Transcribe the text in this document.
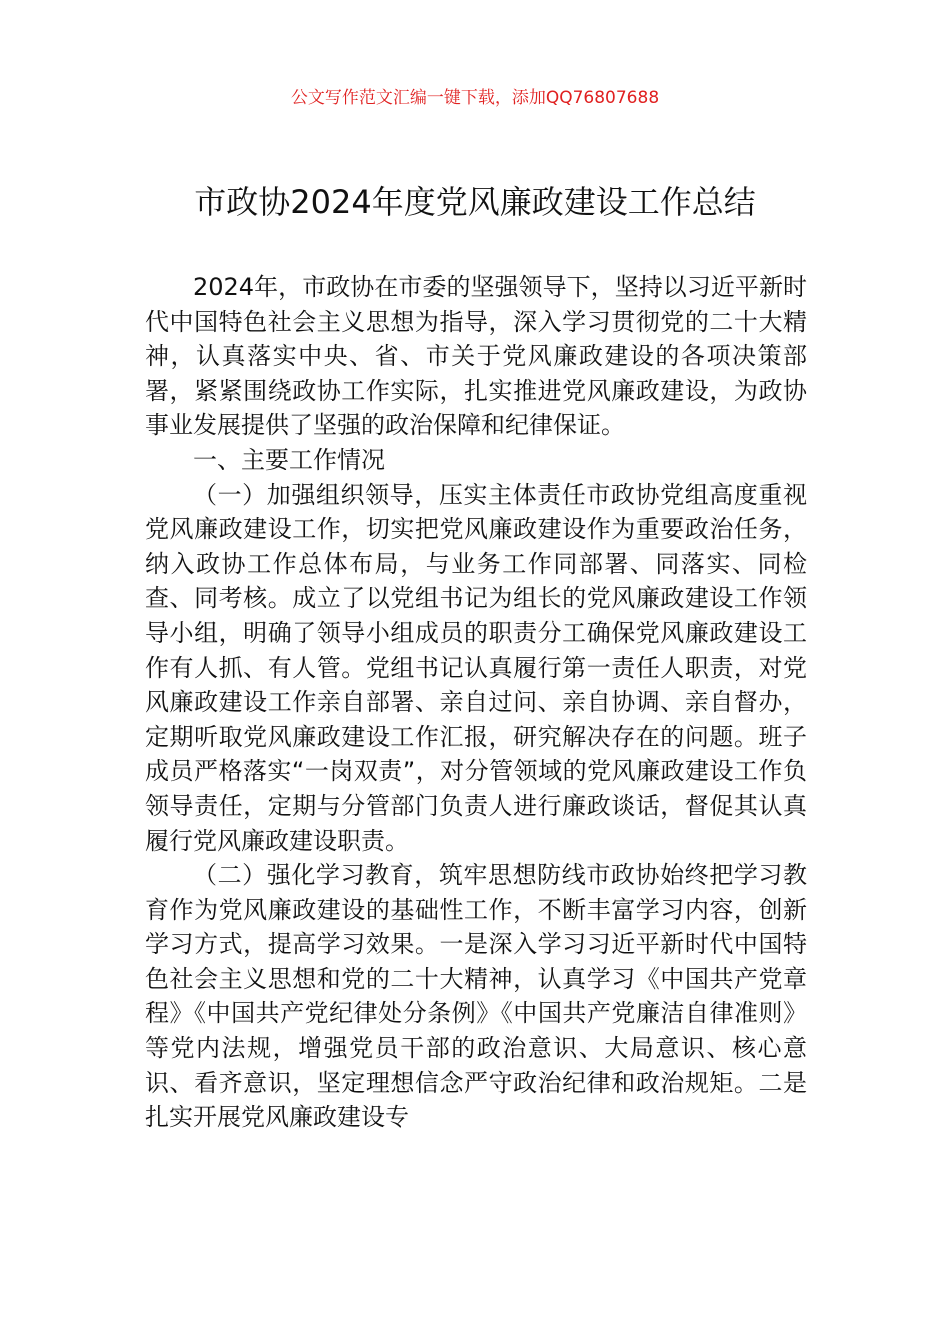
公文写作范文汇编一键下载，添加QQ76807688
市政协2024年度党风廉政建设工作总结

2024年，市政协在市委的坚强领导下，坚持以习近平新时代中国特色社会主义思想为指导，深入学习贯彻党的二十大精神，认真落实中央、省、市关于党风廉政建设的各项决策部署，紧紧围绕政协工作实际，扎实推进党风廉政建设，为政协事业发展提供了坚强的政治保障和纪律保证。

一、主要工作情况

（一）加强组织领导，压实主体责任市政协党组高度重视党风廉政建设工作，切实把党风廉政建设作为重要政治任务，纳入政协工作总体布局，与业务工作同部署、同落实、同检查、同考核。成立了以党组书记为组长的党风廉政建设工作领导小组，明确了领导小组成员的职责分工确保党风廉政建设工作有人抓、有人管。党组书记认真履行第一责任人职责，对党风廉政建设工作亲自部署、亲自过问、亲自协调、亲自督办，定期听取党风廉政建设工作汇报，研究解决存在的问题。班子成员严格落实“一岗双责”，对分管领域的党风廉政建设工作负领导责任，定期与分管部门负责人进行廉政谈话，督促其认真履行党风廉政建设职责。

（二）强化学习教育，筑牢思想防线市政协始终把学习教育作为党风廉政建设的基础性工作，不断丰富学习内容，创新学习方式，提高学习效果。一是深入学习习近平新时代中国特色社会主义思想和党的二十大精神，认真学习《中国共产党章程》《中国共产党纪律处分条例》《中国共产党廉洁自律准则》等党内法规，增强党员干部的政治意识、大局意识、核心意识、看齐意识，坚定理想信念严守政治纪律和政治规矩。二是扎实开展党风廉政建设专
